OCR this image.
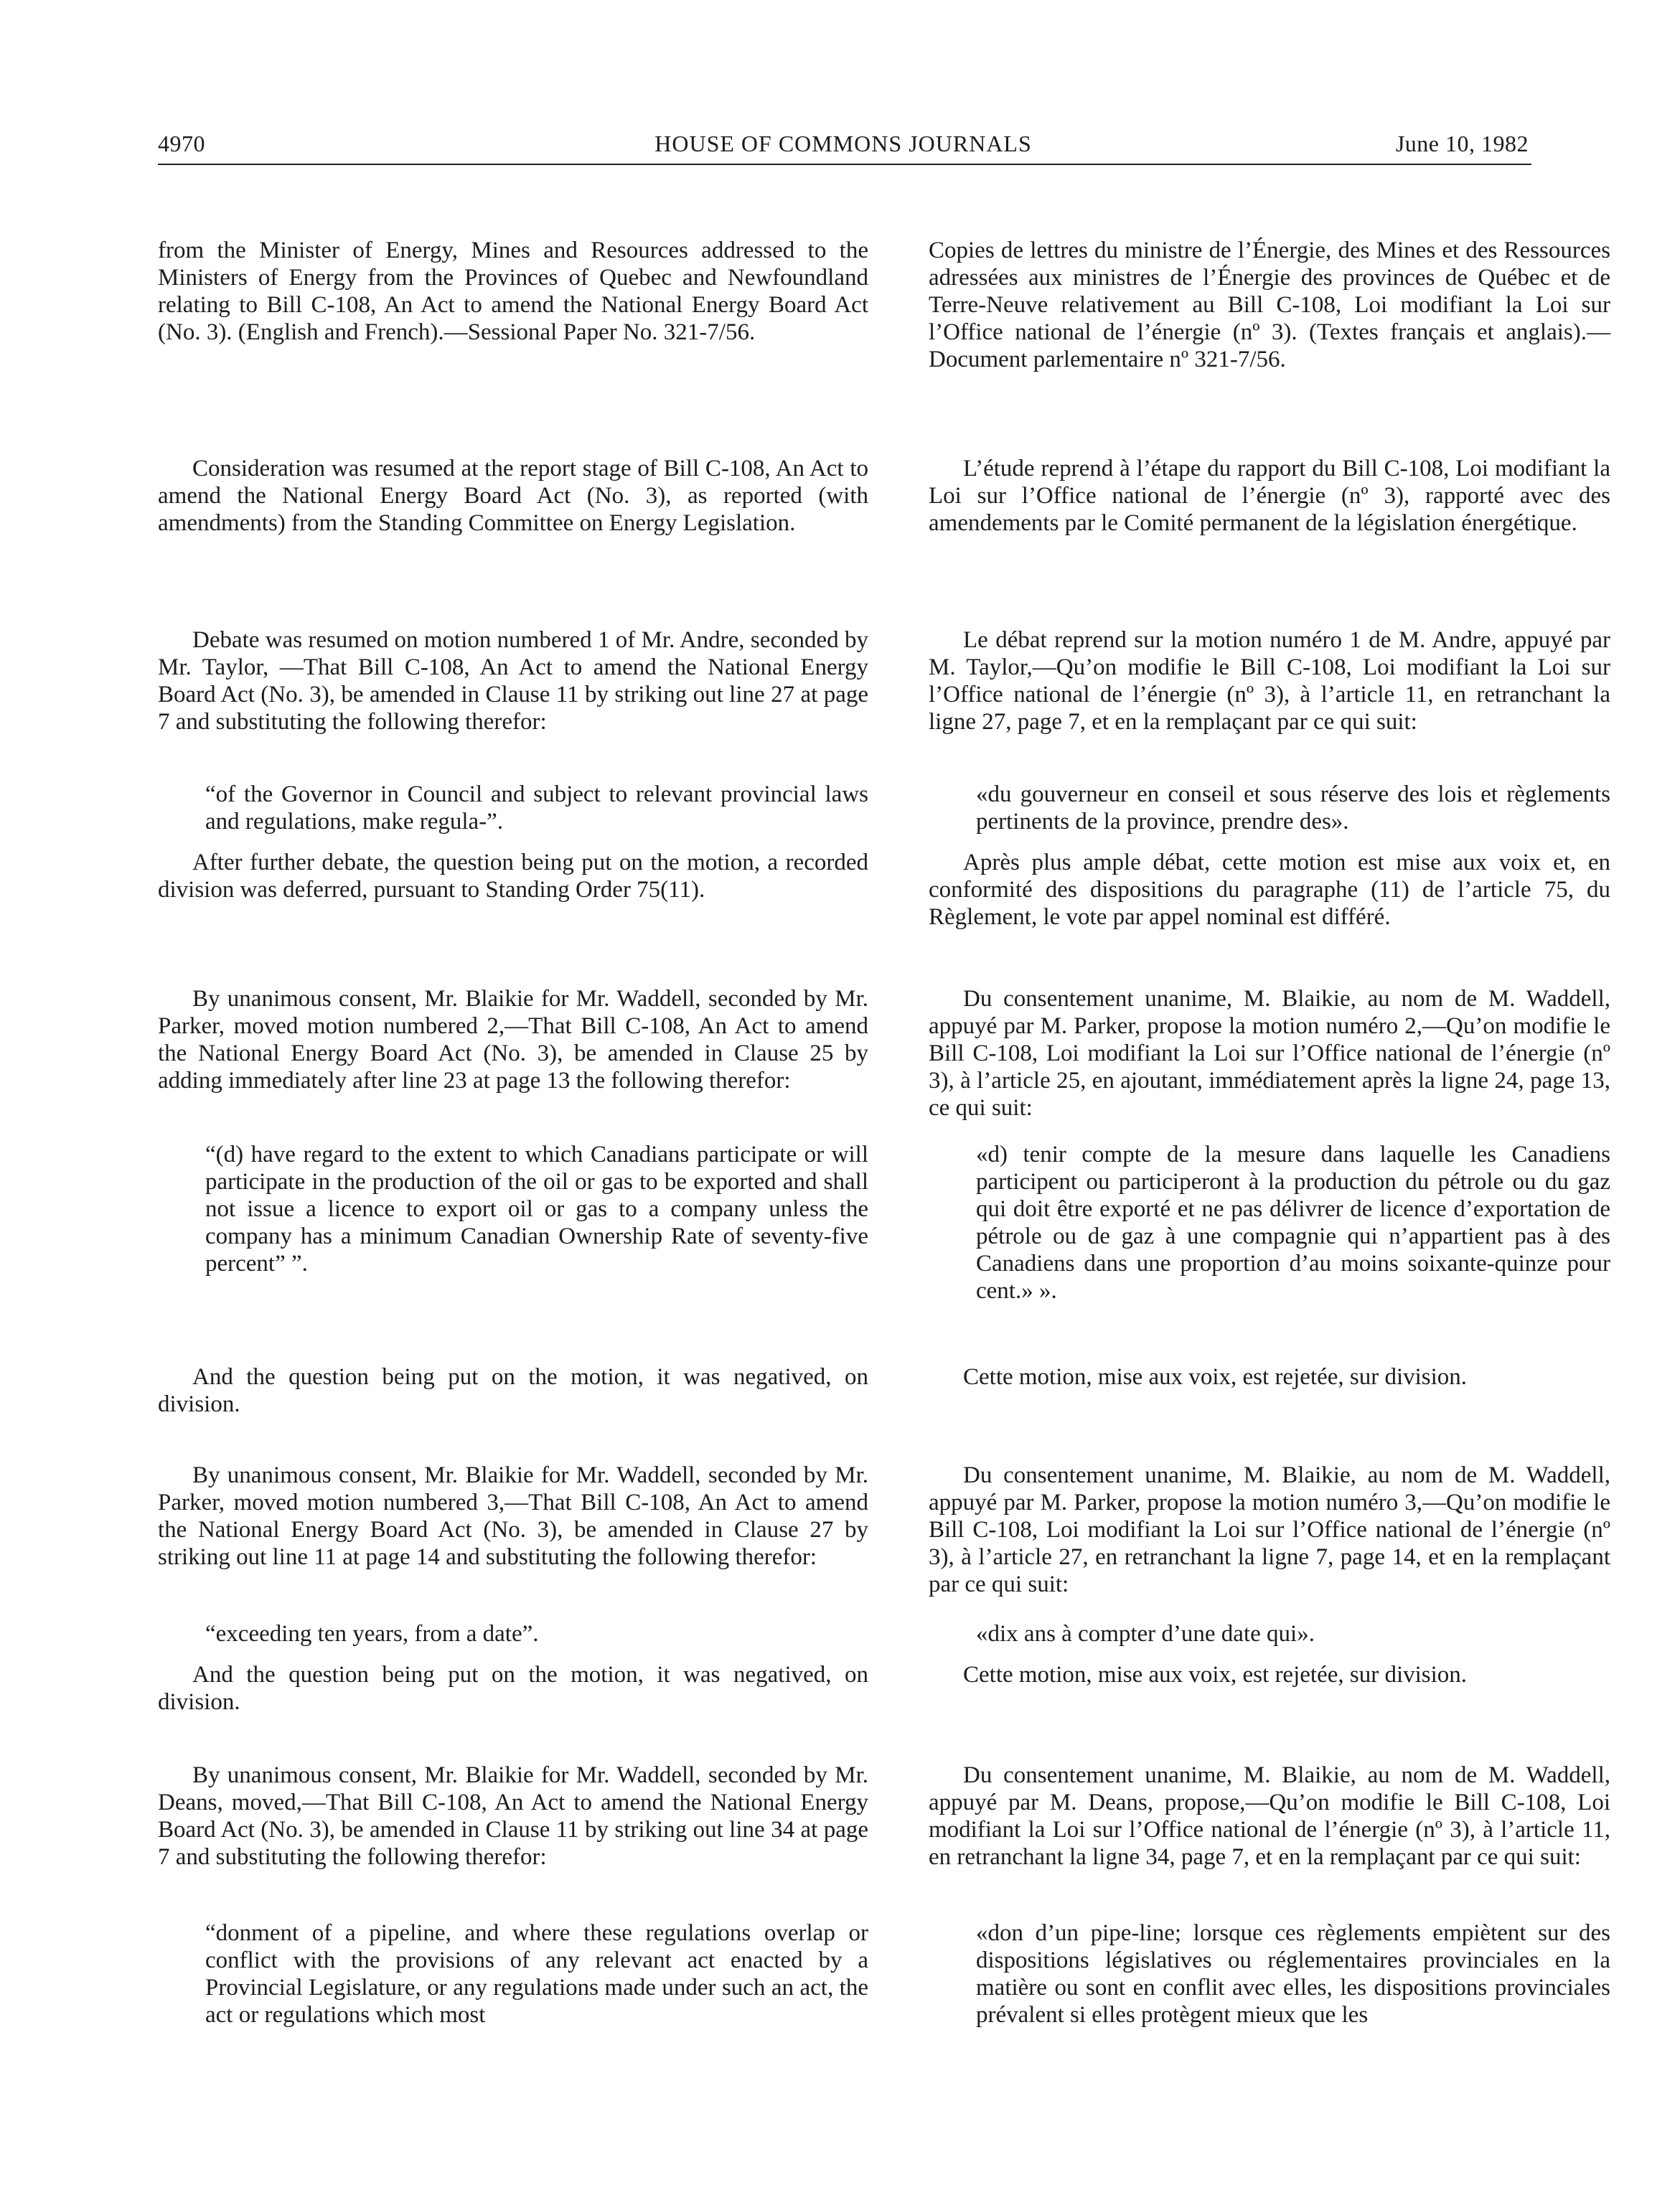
4970	HOUSE OF COMMONS JOURNALS	June 10, 1982

from the Minister of Energy, Mines and Resources addressed to the Ministers of Energy from the Provinces of Quebec and Newfoundland relating to Bill C-108, An Act to amend the National Energy Board Act (No. 3). (English and French).—Sessional Paper No. 321-7/56.

Consideration was resumed at the report stage of Bill C-108, An Act to amend the National Energy Board Act (No. 3), as reported (with amendments) from the Standing Committee on Energy Legislation.

Debate was resumed on motion numbered 1 of Mr. Andre, seconded by Mr. Taylor, —That Bill C-108, An Act to amend the National Energy Board Act (No. 3), be amended in Clause 11 by striking out line 27 at page 7 and substituting the following therefor:

“of the Governor in Council and subject to relevant provincial laws and regulations, make regula-”.

After further debate, the question being put on the motion, a recorded division was deferred, pursuant to Standing Order 75(11).

By unanimous consent, Mr. Blaikie for Mr. Waddell, seconded by Mr. Parker, moved motion numbered 2,—That Bill C-108, An Act to amend the National Energy Board Act (No. 3), be amended in Clause 25 by adding immediately after line 23 at page 13 the following therefor:

“(d) have regard to the extent to which Canadians participate or will participate in the production of the oil or gas to be exported and shall not issue a licence to export oil or gas to a company unless the company has a minimum Canadian Ownership Rate of seventy-five percent” ”.

And the question being put on the motion, it was negatived, on division.

By unanimous consent, Mr. Blaikie for Mr. Waddell, seconded by Mr. Parker, moved motion numbered 3,—That Bill C-108, An Act to amend the National Energy Board Act (No. 3), be amended in Clause 27 by striking out line 11 at page 14 and substituting the following therefor:

“exceeding ten years, from a date”.

And the question being put on the motion, it was negatived, on division.

By unanimous consent, Mr. Blaikie for Mr. Waddell, seconded by Mr. Deans, moved,—That Bill C-108, An Act to amend the National Energy Board Act (No. 3), be amended in Clause 11 by striking out line 34 at page 7 and substituting the following therefor:

“donment of a pipeline, and where these regulations overlap or conflict with the provisions of any relevant act enacted by a Provincial Legislature, or any regulations made under such an act, the act or regulations which most

Copies de lettres du ministre de l’Énergie, des Mines et des Ressources adressées aux ministres de l’Énergie des provinces de Québec et de Terre-Neuve relativement au Bill C-108, Loi modifiant la Loi sur l’Office national de l’énergie (nº 3). (Textes français et anglais).—Document parlementaire nº 321-7/56.

L’étude reprend à l’étape du rapport du Bill C-108, Loi modifiant la Loi sur l’Office national de l’énergie (nº 3), rapporté avec des amendements par le Comité permanent de la législation énergétique.

Le débat reprend sur la motion numéro 1 de M. Andre, appuyé par M. Taylor,—Qu’on modifie le Bill C-108, Loi modifiant la Loi sur l’Office national de l’énergie (nº 3), à l’article 11, en retranchant la ligne 27, page 7, et en la remplaçant par ce qui suit:

«du gouverneur en conseil et sous réserve des lois et règlements pertinents de la province, prendre des».

Après plus ample débat, cette motion est mise aux voix et, en conformité des dispositions du paragraphe (11) de l’article 75, du Règlement, le vote par appel nominal est différé.

Du consentement unanime, M. Blaikie, au nom de M. Waddell, appuyé par M. Parker, propose la motion numéro 2,—Qu’on modifie le Bill C-108, Loi modifiant la Loi sur l’Office national de l’énergie (nº 3), à l’article 25, en ajoutant, immédiatement après la ligne 24, page 13, ce qui suit:

«d) tenir compte de la mesure dans laquelle les Canadiens participent ou participeront à la production du pétrole ou du gaz qui doit être exporté et ne pas délivrer de licence d’exportation de pétrole ou de gaz à une compagnie qui n’appartient pas à des Canadiens dans une proportion d’au moins soixante-quinze pour cent.» ».

Cette motion, mise aux voix, est rejetée, sur division.

Du consentement unanime, M. Blaikie, au nom de M. Waddell, appuyé par M. Parker, propose la motion numéro 3,—Qu’on modifie le Bill C-108, Loi modifiant la Loi sur l’Office national de l’énergie (nº 3), à l’article 27, en retranchant la ligne 7, page 14, et en la remplaçant par ce qui suit:

«dix ans à compter d’une date qui».

Cette motion, mise aux voix, est rejetée, sur division.

Du consentement unanime, M. Blaikie, au nom de M. Waddell, appuyé par M. Deans, propose,—Qu’on modifie le Bill C-108, Loi modifiant la Loi sur l’Office national de l’énergie (nº 3), à l’article 11, en retranchant la ligne 34, page 7, et en la remplaçant par ce qui suit:

«don d’un pipe-line; lorsque ces règlements empiètent sur des dispositions législatives ou réglementaires provinciales en la matière ou sont en conflit avec elles, les dispositions provinciales prévalent si elles protègent mieux que les
